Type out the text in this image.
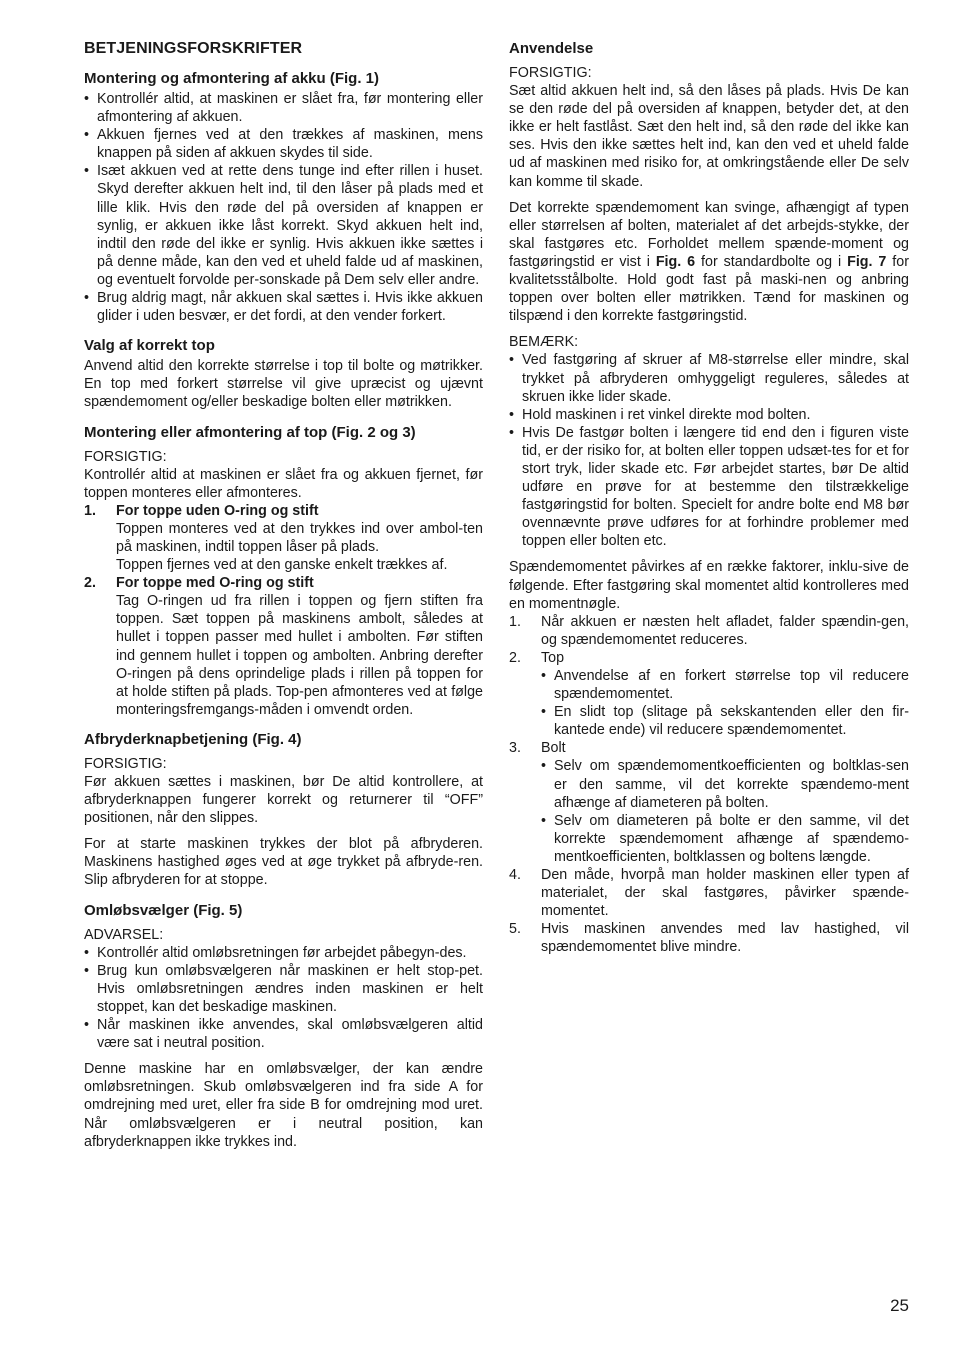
BETJENINGSFORSKRIFTER
Montering og afmontering af akku (Fig. 1)
• Kontrollér altid, at maskinen er slået fra, før montering eller afmontering af akkuen.
• Akkuen fjernes ved at den trækkes af maskinen, mens knappen på siden af akkuen skydes til side.
• Isæt akkuen ved at rette dens tunge ind efter rillen i huset. Skyd derefter akkuen helt ind, til den låser på plads med et lille klik. Hvis den røde del på oversiden af knappen er synlig, er akkuen ikke låst korrekt. Skyd akkuen helt ind, indtil den røde del ikke er synlig. Hvis akkuen ikke sættes i på denne måde, kan den ved et uheld falde ud af maskinen, og eventuelt forvolde per-sonskade på Dem selv eller andre.
• Brug aldrig magt, når akkuen skal sættes i. Hvis ikke akkuen glider i uden besvær, er det fordi, at den vender forkert.
Valg af korrekt top

Anvend altid den korrekte størrelse i top til bolte og møtrikker. En top med forkert størrelse vil give upræcist og ujævnt spændemoment og/eller beskadige bolten eller møtrikken.

Montering eller afmontering af top (Fig. 2 og 3)

FORSIGTIG:

Kontrollér altid at maskinen er slået fra og akkuen fjernet, før toppen monteres eller afmonteres.

1. For toppe uden O-ring og stift
Toppen monteres ved at den trykkes ind over ambol-ten på maskinen, indtil toppen låser på plads.
Toppen fjernes ved at den ganske enkelt trækkes af.
2. For toppe med O-ring og stift
Tag O-ringen ud fra rillen i toppen og fjern stiften fra toppen. Sæt toppen på maskinens ambolt, således at hullet i toppen passer med hullet i ambolten. Før stiften ind gennem hullet i toppen og ambolten. Anbring derefter O-ringen på dens oprindelige plads i rillen på toppen for at holde stiften på plads. Top-pen afmonteres ved at følge monteringsfremgangs-måden i omvendt orden.
Afbryderknapbetjening (Fig. 4)

FORSIGTIG:

Før akkuen sættes i maskinen, bør De altid kontrollere, at afbryderknappen fungerer korrekt og returnerer til “OFF” positionen, når den slippes.

For at starte maskinen trykkes der blot på afbryderen. Maskinens hastighed øges ved at øge trykket på afbryde-ren. Slip afbryderen for at stoppe.

Omløbsvælger (Fig. 5)

ADVARSEL:

• Kontrollér altid omløbsretningen før arbejdet påbegyn-des.
• Brug kun omløbsvælgeren når maskinen er helt stop-pet. Hvis omløbsretningen ændres inden maskinen er helt stoppet, kan det beskadige maskinen.
• Når maskinen ikke anvendes, skal omløbsvælgeren altid være sat i neutral position.

Denne maskine har en omløbsvælger, der kan ændre omløbsretningen. Skub omløbsvælgeren ind fra side A for omdrejning med uret, eller fra side B for omdrejning mod uret. Når omløbsvælgeren er i neutral position, kan afbryderknappen ikke trykkes ind.

Anvendelse

FORSIGTIG:

Sæt altid akkuen helt ind, så den låses på plads. Hvis De kan se den røde del på oversiden af knappen, betyder det, at den ikke er helt fastlåst. Sæt den helt ind, så den røde del ikke kan ses. Hvis den ikke sættes helt ind, kan den ved et uheld falde ud af maskinen med risiko for, at omkringstående eller De selv kan komme til skade.

Det korrekte spændemoment kan svinge, afhængigt af typen eller størrelsen af bolten, materialet af det arbejds-stykke, der skal fastgøres etc. Forholdet mellem spænde-moment og fastgøringstid er vist i Fig. 6 for standardbolte og i Fig. 7 for kvalitetsstålbolte. Hold godt fast på maski-nen og anbring toppen over bolten eller møtrikken. Tænd for maskinen og tilspænd i den korrekte fastgøringstid.

BEMÆRK:

• Ved fastgøring af skruer af M8-størrelse eller mindre, skal trykket på afbryderen omhyggeligt reguleres, således at skruen ikke lider skade.
• Hold maskinen i ret vinkel direkte mod bolten.
• Hvis De fastgør bolten i længere tid end den i figuren viste tid, er der risiko for, at bolten eller toppen udsæt-tes for et for stort tryk, lider skade etc. Før arbejdet startes, bør De altid udføre en prøve for at bestemme den tilstrækkelige fastgøringstid for bolten. Specielt for andre bolte end M8 bør ovennævnte prøve udføres for at forhindre problemer med toppen eller bolten etc.

Spændemomentet påvirkes af en række faktorer, inklu-sive de følgende. Efter fastgøring skal momentet altid kontrolleres med en momentnøgle.

1. Når akkuen er næsten helt afladet, falder spændin-gen, og spændemomentet reduceres.
2. Top
• Anvendelse af en forkert størrelse top vil reducere spændemomentet.
• En slidt top (slitage på sekskantenden eller den fir-kantede ende) vil reducere spændemomentet.
3. Bolt
• Selv om spændemomentkoefficienten og boltklas-sen er den samme, vil det korrekte spændemo-ment afhænge af diameteren på bolten.
• Selv om diameteren på bolte er den samme, vil det korrekte spændemoment afhænge af spændemo-mentkoefficienten, boltklassen og boltens længde.
4. Den måde, hvorpå man holder maskinen eller typen af materialet, der skal fastgøres, påvirker spænde-momentet.
5. Hvis maskinen anvendes med lav hastighed, vil spændemomentet blive mindre.
25
